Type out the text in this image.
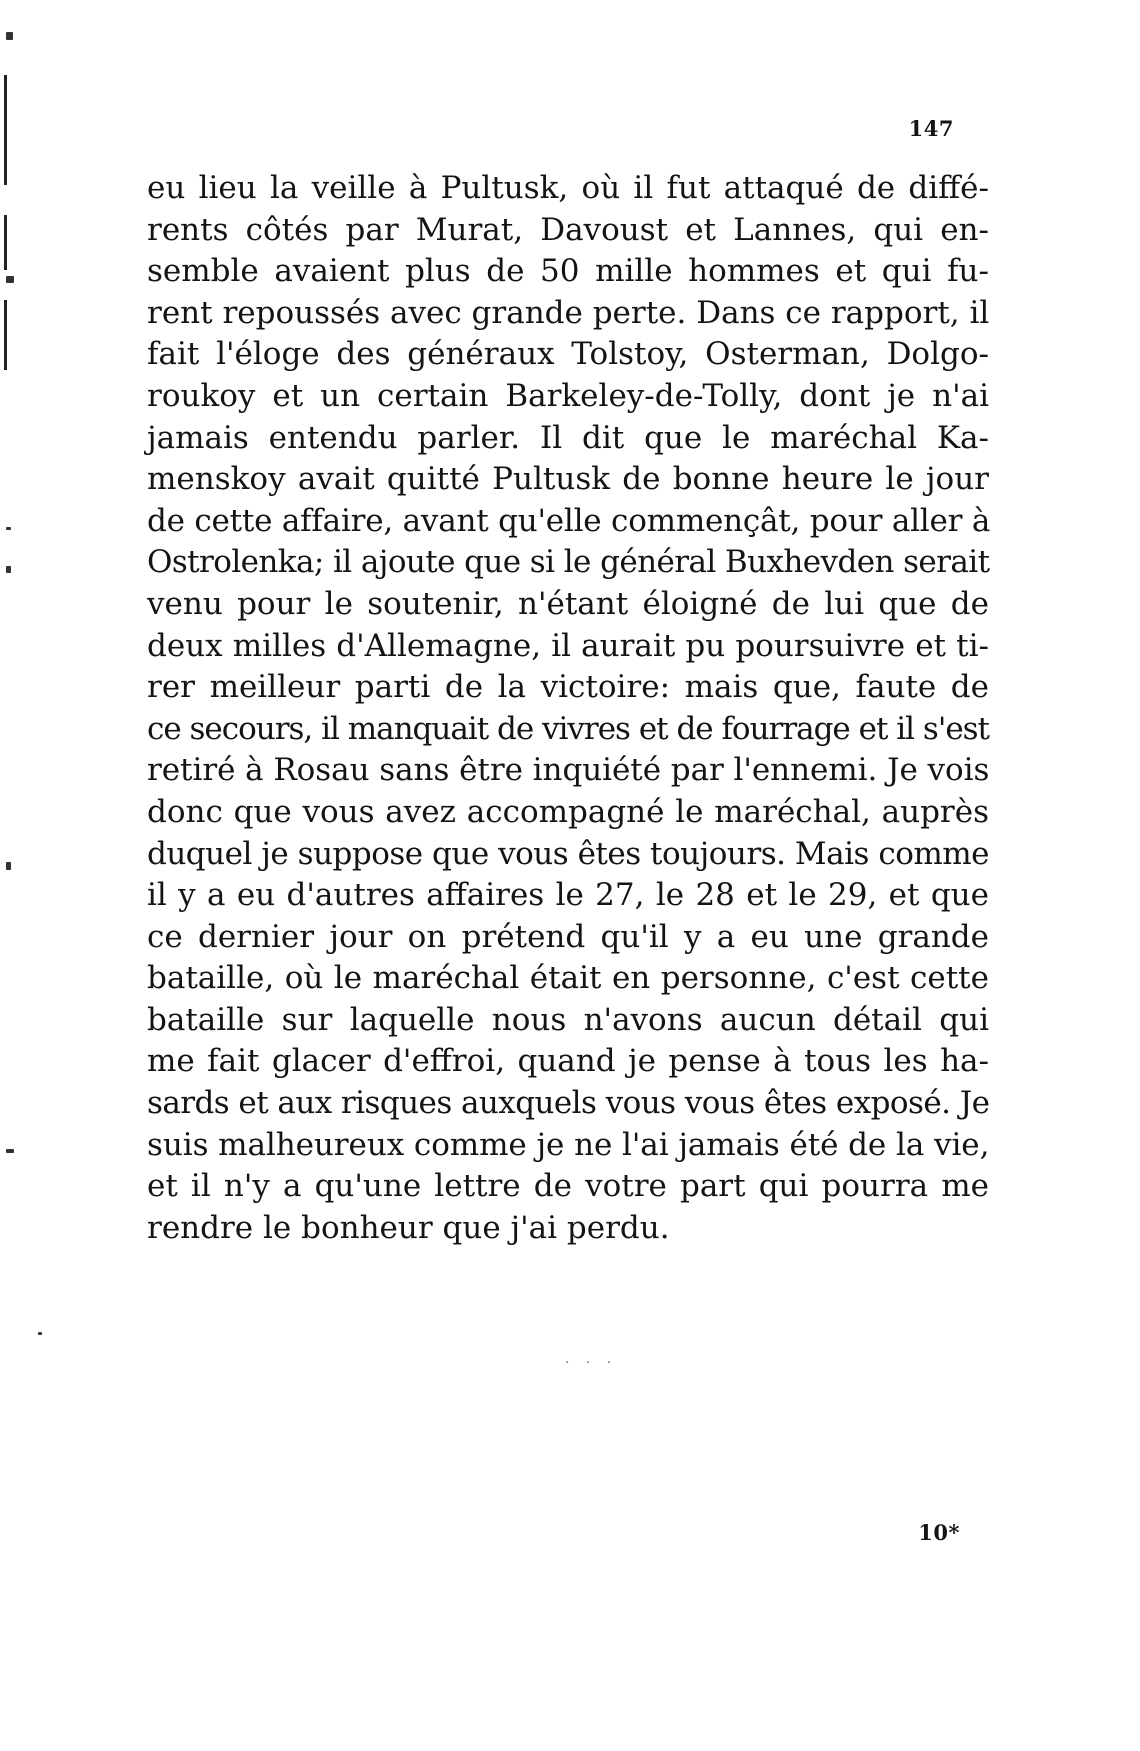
147
eu lieu la veille à Pultusk, où il fut attaqué de diffé-
rents côtés par Murat, Davoust et Lannes, qui en-
semble avaient plus de 50 mille hommes et qui fu-
rent repoussés avec grande perte. Dans ce rapport, il
fait l'éloge des généraux Tolstoy, Osterman, Dolgo-
roukoy et un certain Barkeley-de-Tolly, dont je n'ai
jamais entendu parler. Il dit que le maréchal Ka-
menskoy avait quitté Pultusk de bonne heure le jour
de cette affaire, avant qu'elle commençât, pour aller à
Ostrolenka; il ajoute que si le général Buxhevden serait
venu pour le soutenir, n'étant éloigné de lui que de
deux milles d'Allemagne, il aurait pu poursuivre et ti-
rer meilleur parti de la victoire: mais que, faute de
ce secours, il manquait de vivres et de fourrage et il s'est
retiré à Rosau sans être inquiété par l'ennemi. Je vois
donc que vous avez accompagné le maréchal, auprès
duquel je suppose que vous êtes toujours. Mais comme
il y a eu d'autres affaires le 27, le 28 et le 29, et que
ce dernier jour on prétend qu'il y a eu une grande
bataille, où le maréchal était en personne, c'est cette
bataille sur laquelle nous n'avons aucun détail qui
me fait glacer d'effroi, quand je pense à tous les ha-
sards et aux risques auxquels vous vous êtes exposé. Je
suis malheureux comme je ne l'ai jamais été de la vie,
et il n'y a qu'une lettre de votre part qui pourra me
rendre le bonheur que j'ai perdu.
· · ·
10*
